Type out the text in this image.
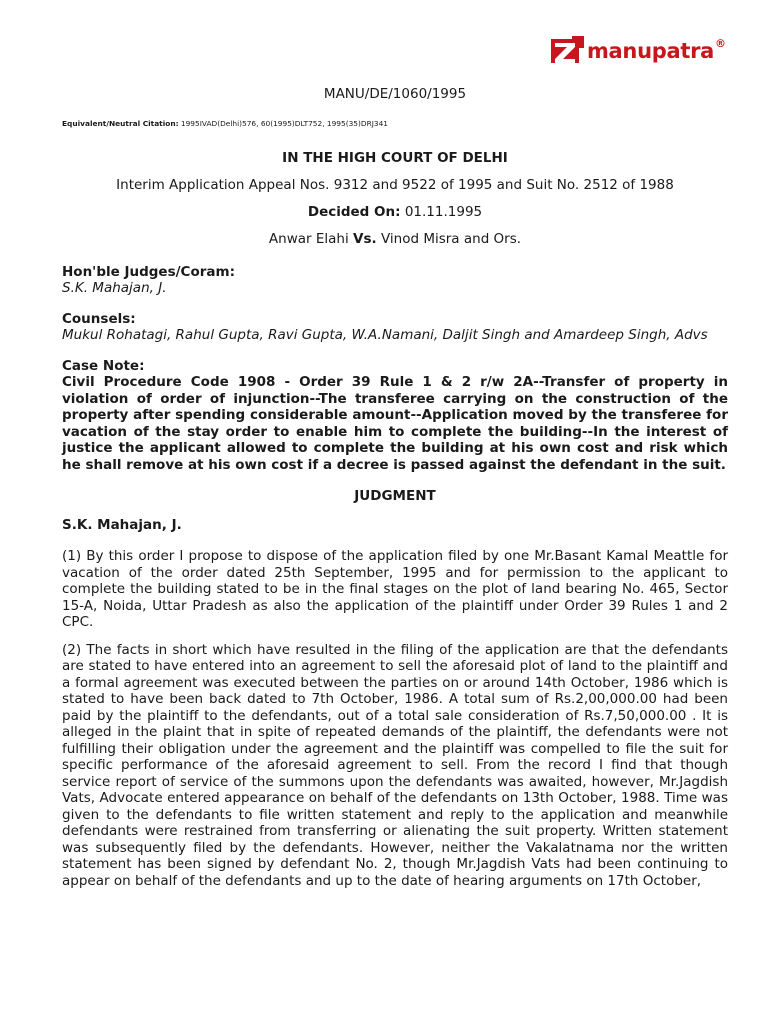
manupatra ®
MANU/DE/1060/1995
Equivalent/Neutral Citation: 1995IVAD(Delhi)576, 60(1995)DLT752, 1995(35)DRJ341
IN THE HIGH COURT OF DELHI
Interim Application Appeal Nos. 9312 and 9522 of 1995 and Suit No. 2512 of 1988
Decided On: 01.11.1995
Anwar Elahi Vs. Vinod Misra and Ors.
Hon'ble Judges/Coram:
S.K. Mahajan, J.
Counsels:
Mukul Rohatagi, Rahul Gupta, Ravi Gupta, W.A.Namani, Daljit Singh and Amardeep Singh, Advs
Case Note:
Civil Procedure Code 1908 - Order 39 Rule 1 & 2 r/w 2A--Transfer of property in violation of order of injunction--The transferee carrying on the construction of the property after spending considerable amount--Application moved by the transferee for vacation of the stay order to enable him to complete the building--In the interest of justice the applicant allowed to complete the building at his own cost and risk which he shall remove at his own cost if a decree is passed against the defendant in the suit.
JUDGMENT
S.K. Mahajan, J.

(1) By this order I propose to dispose of the application filed by one Mr.Basant Kamal Meattle for vacation of the order dated 25th September, 1995 and for permission to the applicant to complete the building stated to be in the final stages on the plot of land bearing No. 465, Sector 15-A, Noida, Uttar Pradesh as also the application of the plaintiff under Order 39 Rules 1 and 2 CPC.

(2) The facts in short which have resulted in the filing of the application are that the defendants are stated to have entered into an agreement to sell the aforesaid plot of land to the plaintiff and a formal agreement was executed between the parties on or around 14th October, 1986 which is stated to have been back dated to 7th October, 1986. A total sum of Rs.2,00,000.00 had been paid by the plaintiff to the defendants, out of a total sale consideration of Rs.7,50,000.00 . It is alleged in the plaint that in spite of repeated demands of the plaintiff, the defendants were not fulfilling their obligation under the agreement and the plaintiff was compelled to file the suit for specific performance of the aforesaid agreement to sell. From the record I find that though service report of service of the summons upon the defendants was awaited, however, Mr.Jagdish Vats, Advocate entered appearance on behalf of the defendants on 13th October, 1988. Time was given to the defendants to file written statement and reply to the application and meanwhile defendants were restrained from transferring or alienating the suit property. Written statement was subsequently filed by the defendants. However, neither the Vakalatnama nor the written statement has been signed by defendant No. 2, though Mr.Jagdish Vats had been continuing to appear on behalf of the defendants and up to the date of hearing arguments on 17th October,
